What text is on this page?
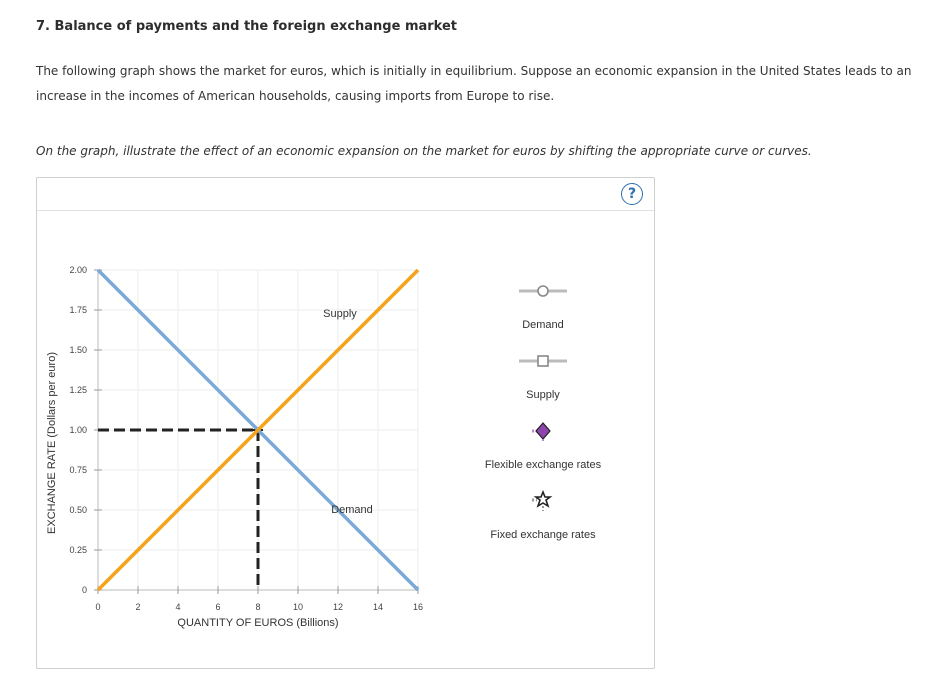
7. Balance of payments and the foreign exchange market
The following graph shows the market for euros, which is initially in equilibrium. Suppose an economic expansion in the United States leads to an increase in the incomes of American households, causing imports from Europe to rise.
On the graph, illustrate the effect of an economic expansion on the market for euros by shifting the appropriate curve or curves.
?
0	2	4	6	8	10	12	14	16
0
0.25
0.50
0.75
1.00
1.25
1.50
1.75
2.00
Supply
Demand
QUANTITY OF EUROS (Billions)
EXCHANGE RATE (Dollars per euro)
Demand
Supply
Flexible exchange rates
Fixed exchange rates
